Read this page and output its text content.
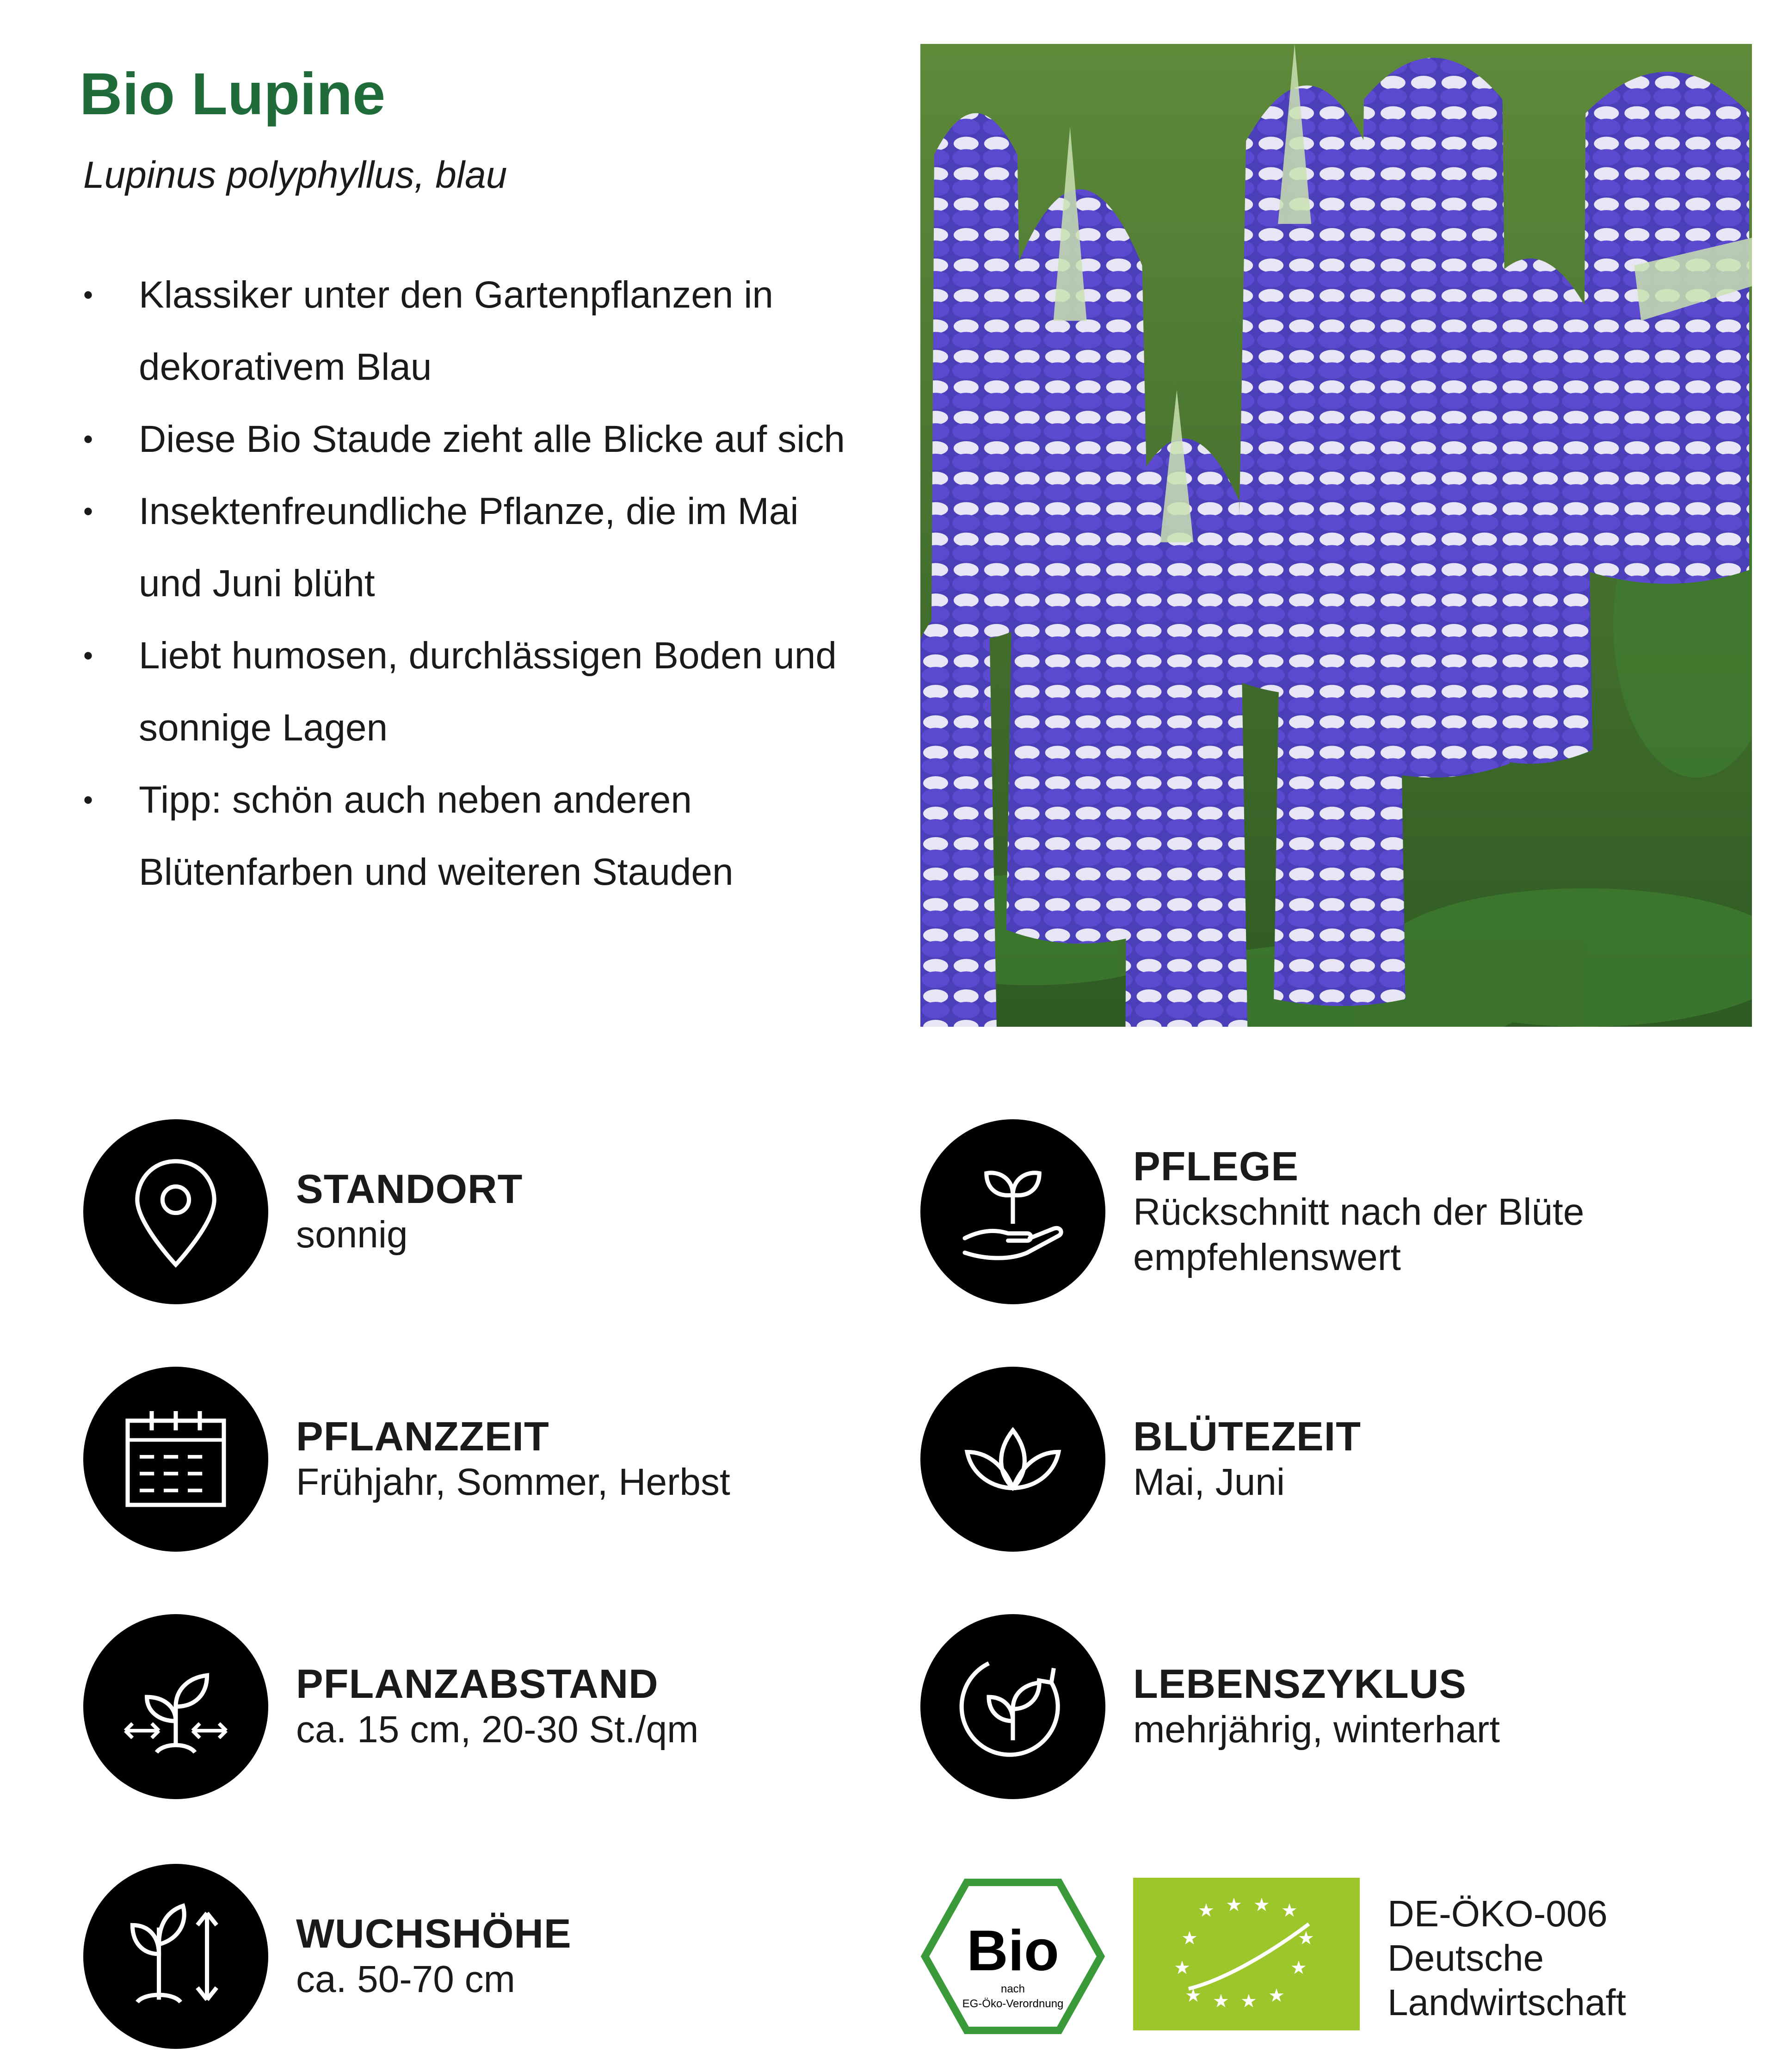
Bio Lupine

Lupinus polyphyllus, blau

• Klassiker unter den Gartenpflanzen in
dekorativem Blau
• Diese Bio Staude zieht alle Blicke auf sich
• Insektenfreundliche Pflanze, die im Mai
und Juni blüht
• Liebt humosen, durchlässigen Boden und
sonnige Lagen
• Tipp: schön auch neben anderen
Blütenfarben und weiteren Stauden
STANDORT
sonnig
PFLEGE
Rückschnitt nach der Blüte
empfehlenswert
PFLANZZEIT
Frühjahr, Sommer, Herbst
BLÜTEZEIT
Mai, Juni
PFLANZABSTAND
ca. 15 cm, 20-30 St./qm
LEBENSZYKLUS
mehrjährig, winterhart
WUCHSHÖHE
ca. 50-70 cm	Bio
nach
EG-Öko-Verordnung
★ ★ ★ ★
★	★
★	★
★ ★ ★ ★
DE-ÖKO-006
Deutsche
Landwirtschaft
